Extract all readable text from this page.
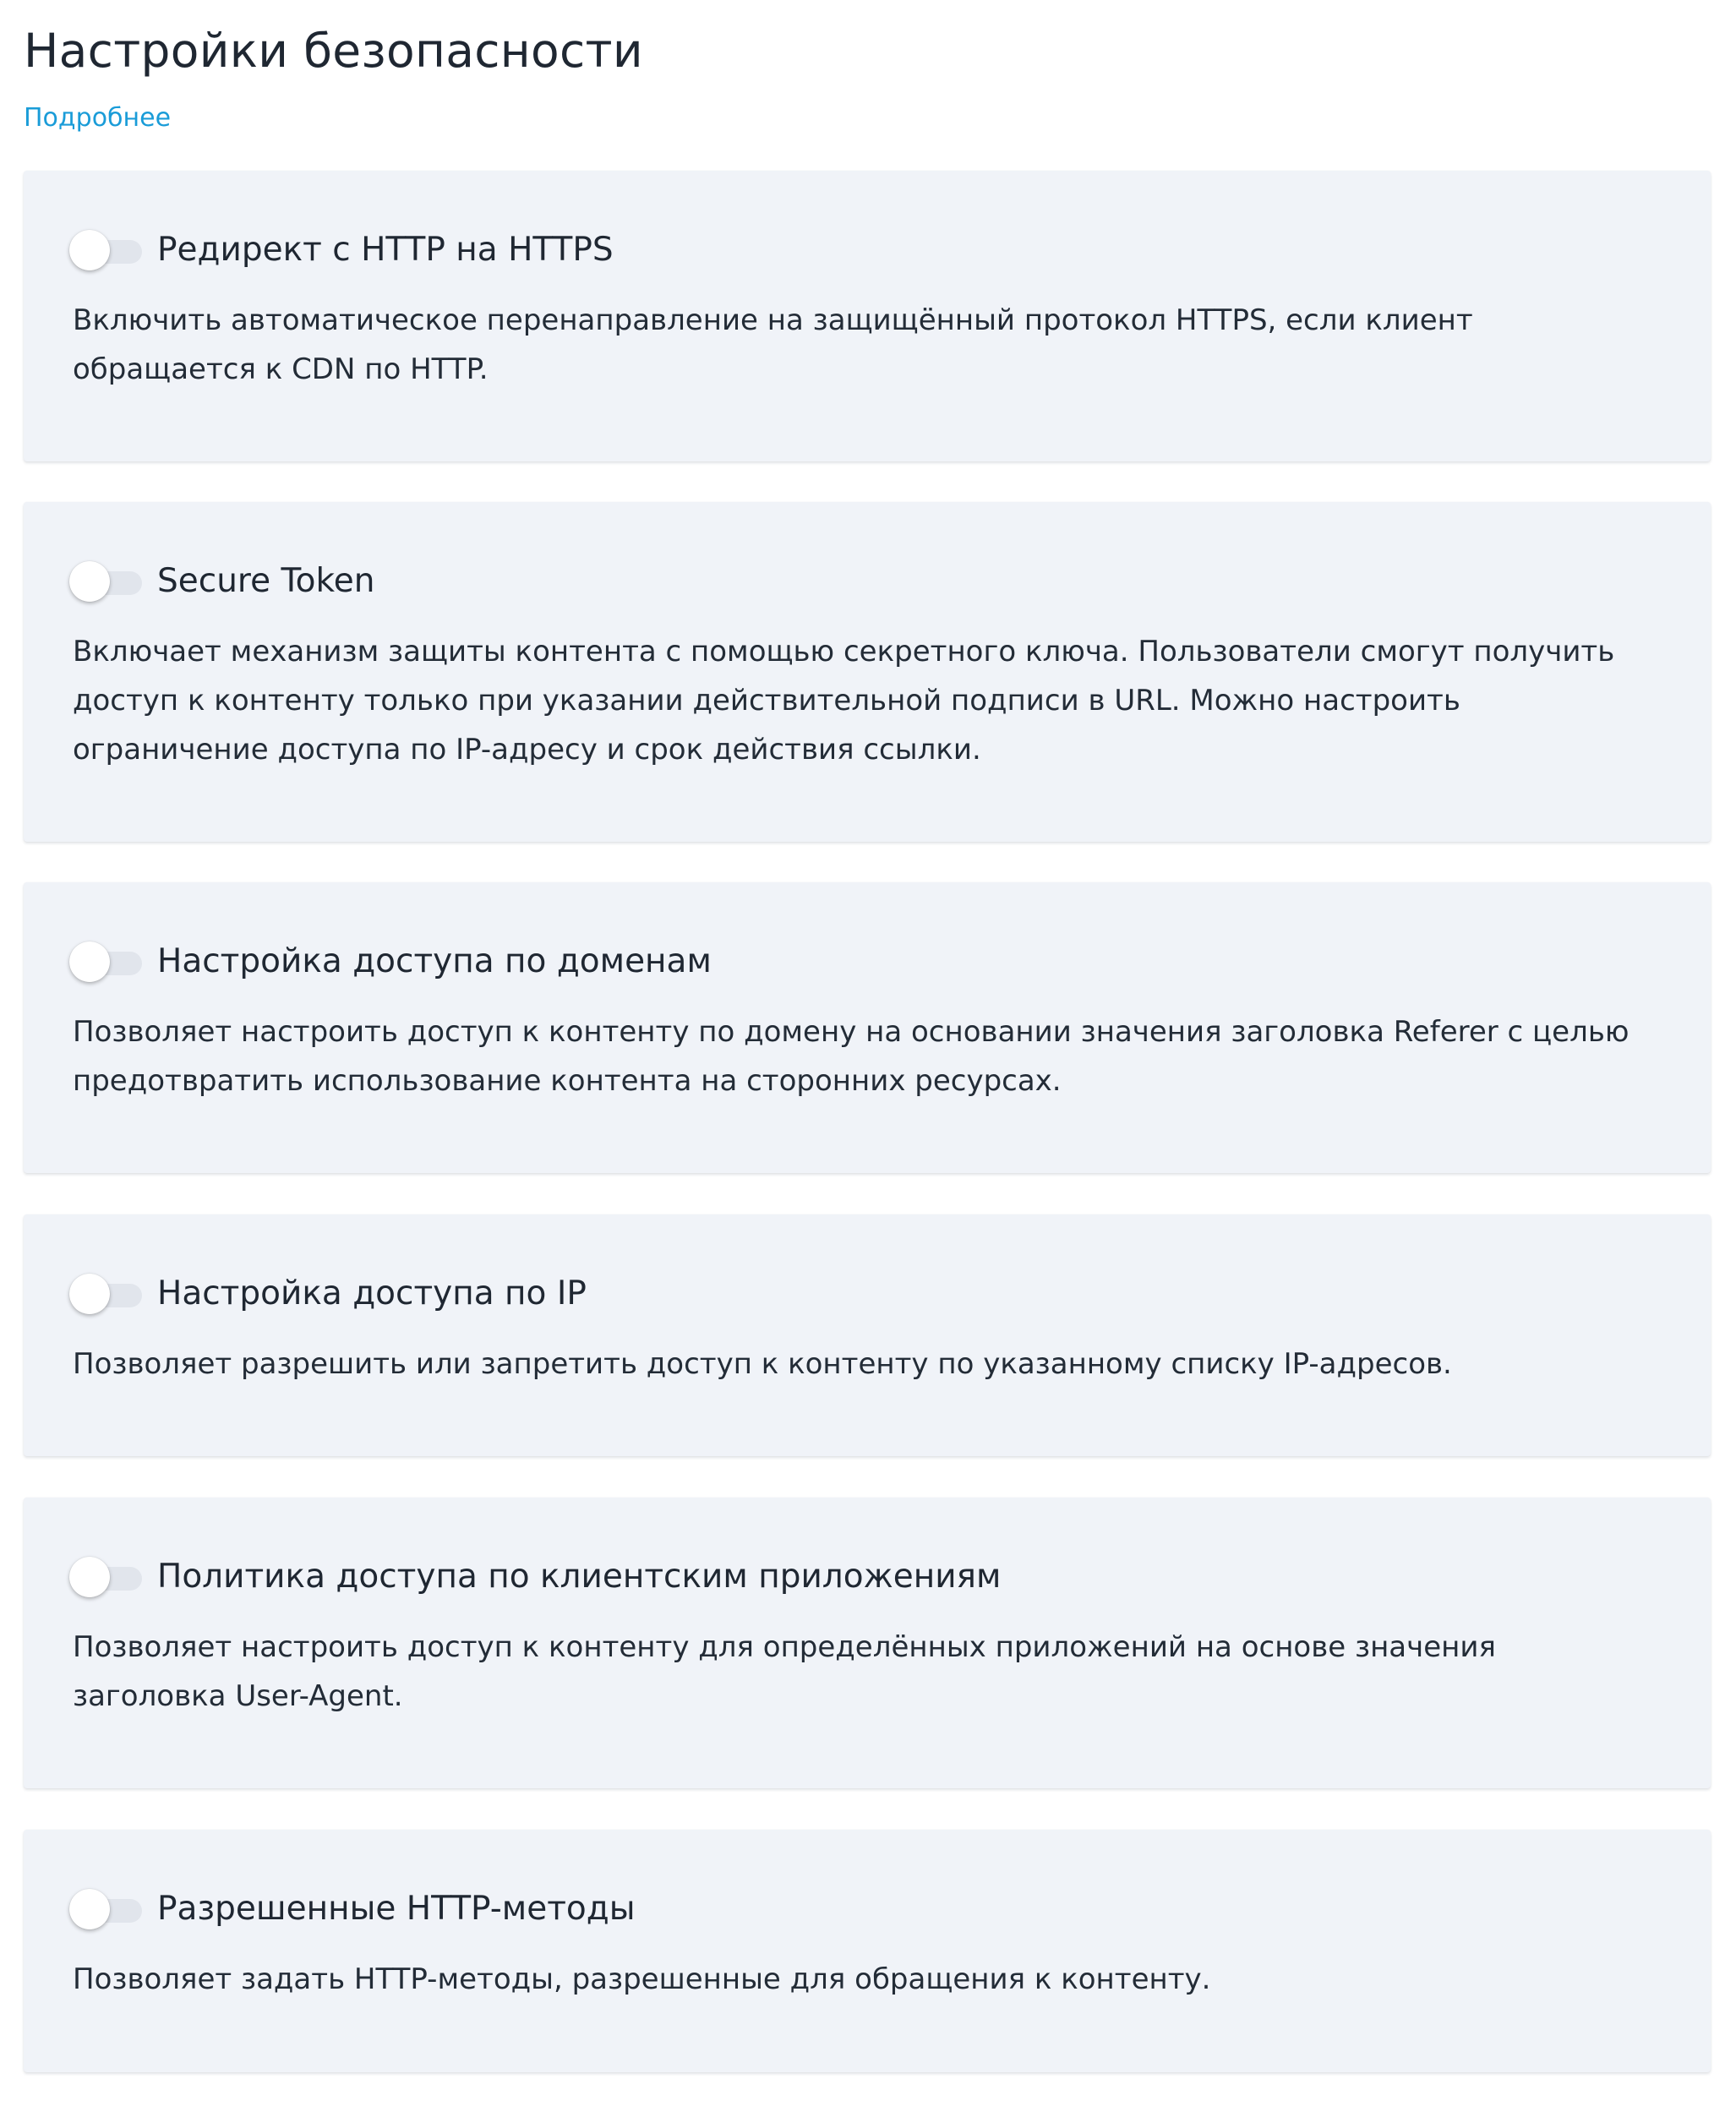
Настройки безопасности
Подробнее
Редирект с HTTP на HTTPS

Включить автоматическое перенаправление на защищённый протокол HTTPS, если клиент обращается к CDN по HTTP.

Secure Token

Включает механизм защиты контента с помощью секретного ключа. Пользователи смогут получить доступ к контенту только при указании действительной подписи в URL. Можно настроить ограничение доступа по IP-адресу и срок действия ссылки.

Настройка доступа по доменам

Позволяет настроить доступ к контенту по домену на основании значения заголовка Referer с целью предотвратить использование контента на сторонних ресурсах.

Настройка доступа по IP

Позволяет разрешить или запретить доступ к контенту по указанному списку IP-адресов.

Политика доступа по клиентским приложениям

Позволяет настроить доступ к контенту для определённых приложений на основе значения заголовка User-Agent.

Разрешенные HTTP-методы

Позволяет задать HTTP-методы, разрешенные для обращения к контенту.
